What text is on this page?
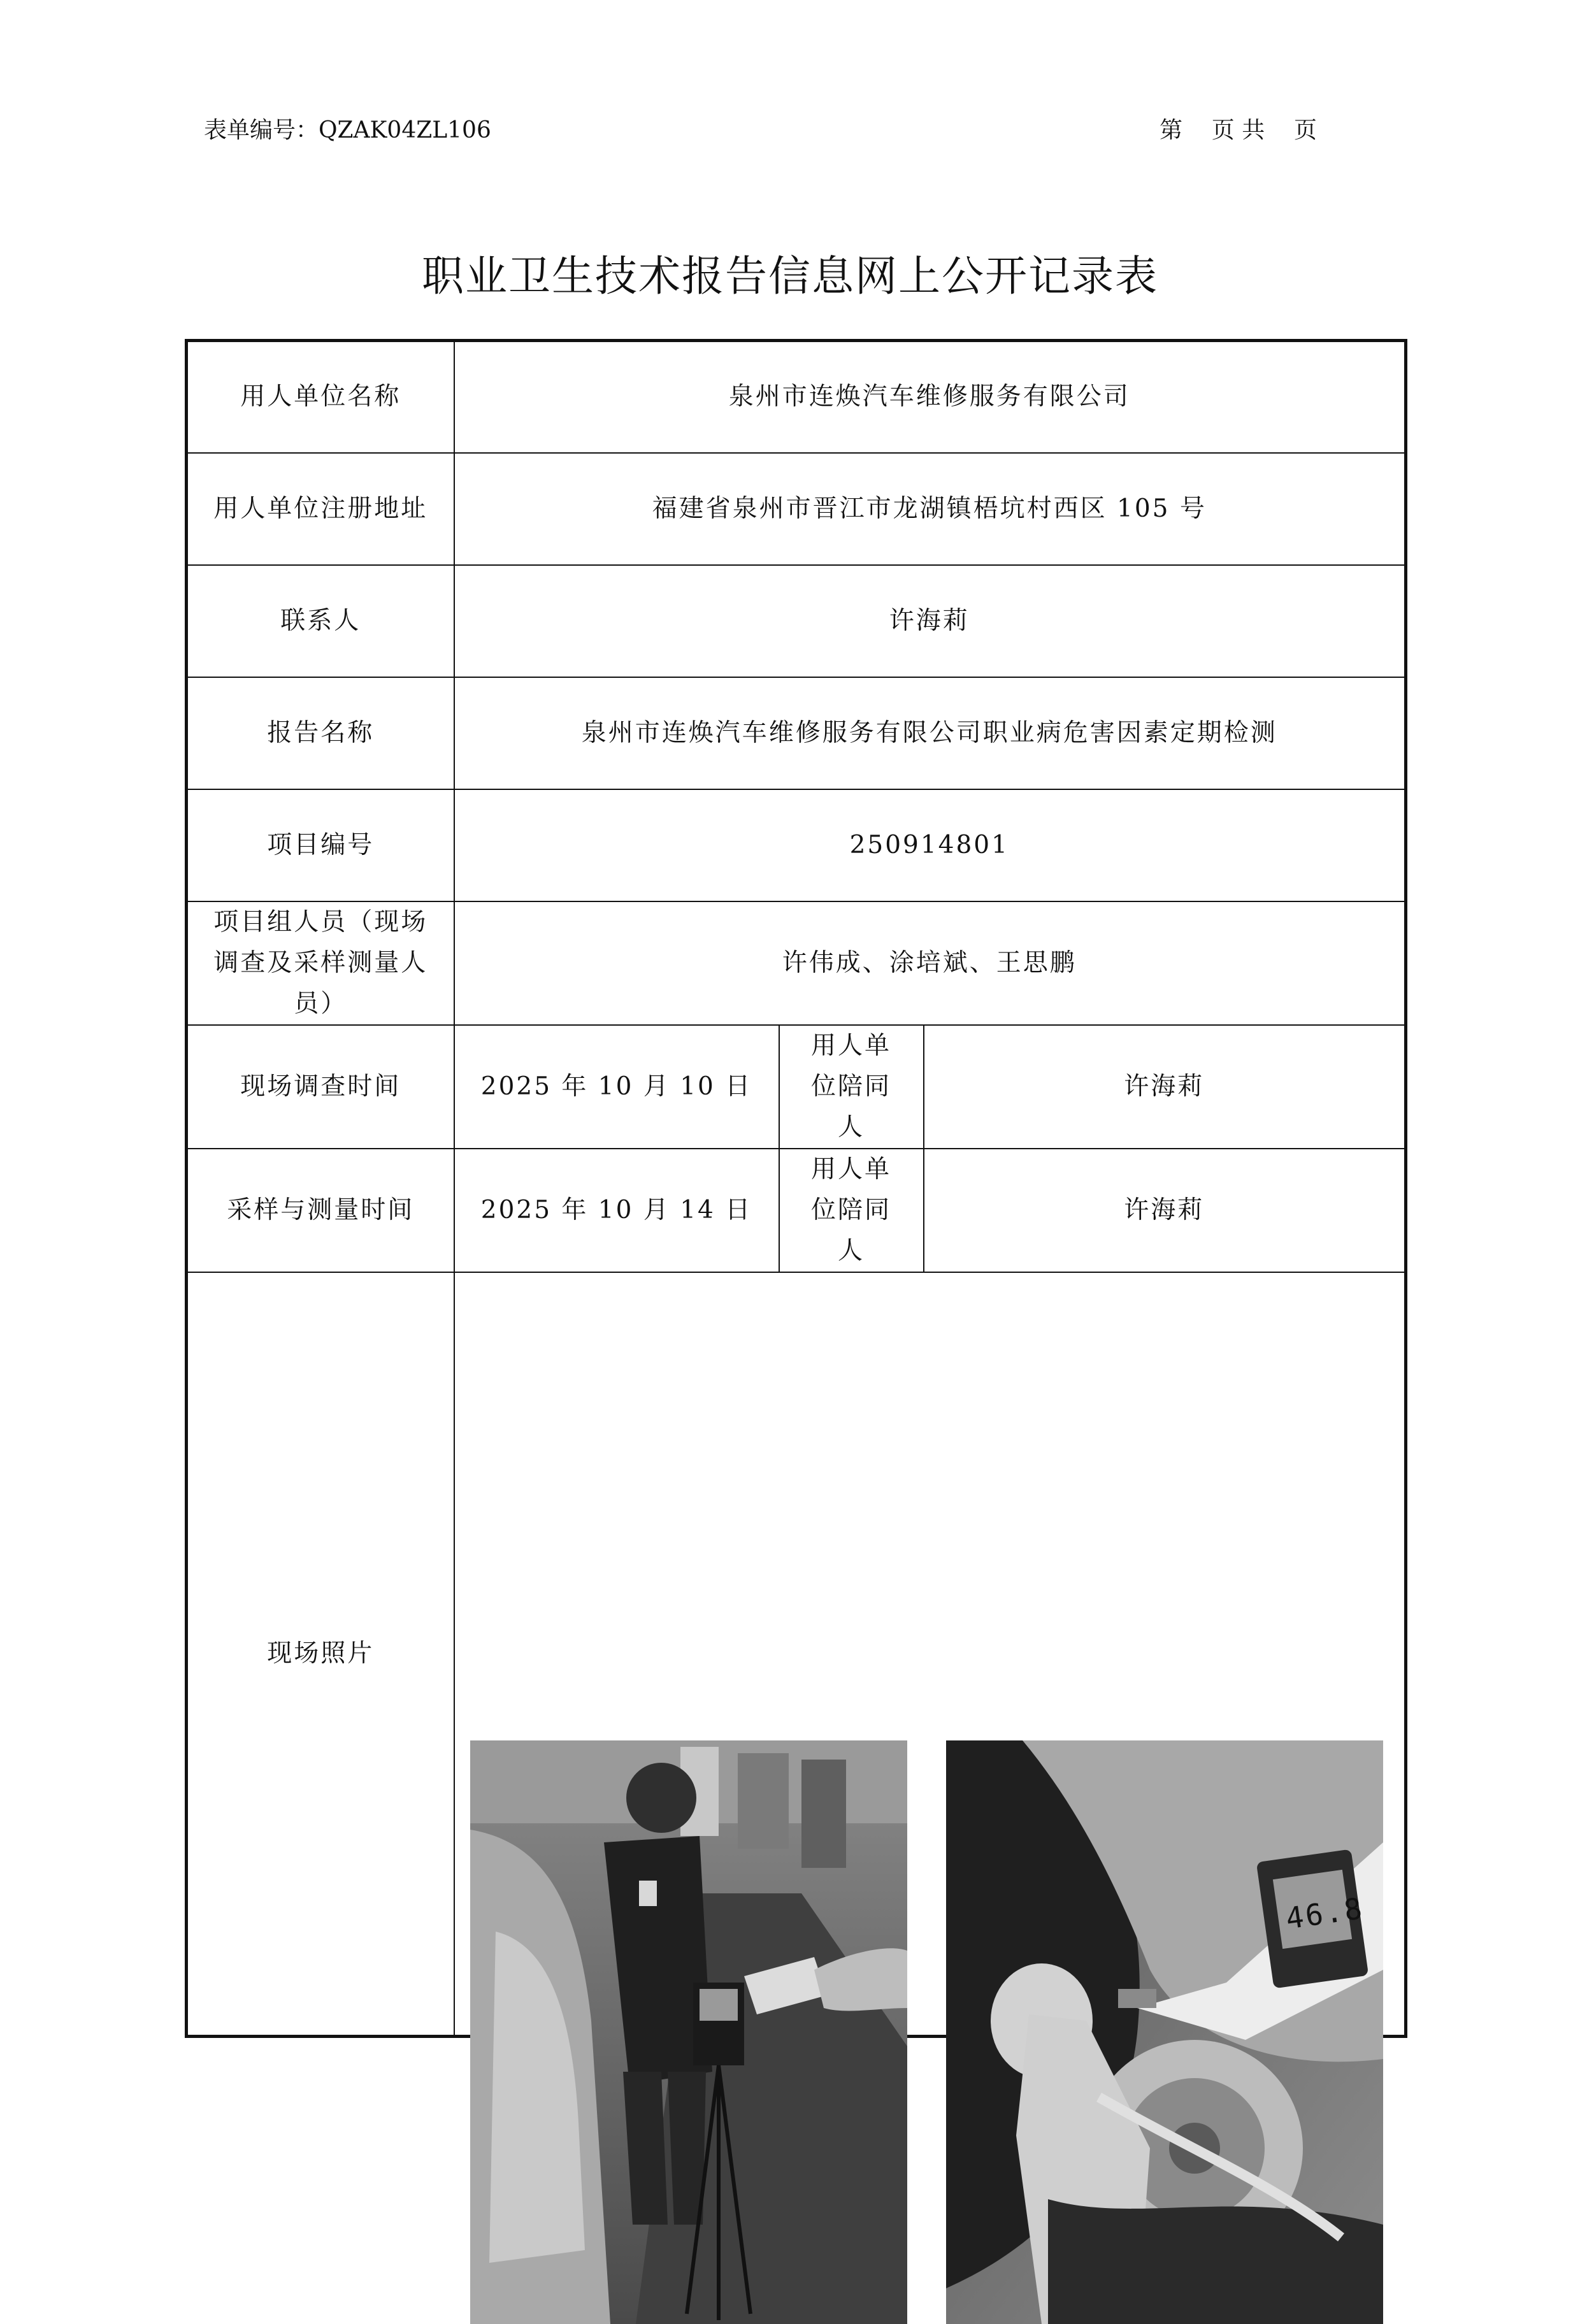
表单编号：QZAK04ZL106	第    页 共    页
职业卫生技术报告信息网上公开记录表
用人单位名称	泉州市连焕汽车维修服务有限公司		
用人单位注册地址	福建省泉州市晋江市龙湖镇梧坑村西区 105 号		
联系人	许海莉		
报告名称	泉州市连焕汽车维修服务有限公司职业病危害因素定期检测		
项目编号	250914801		
项目组人员（现场调查及采样测量人员）	许伟成、涂培斌、王思鹏		
现场调查时间	2025 年 10 月 10 日	用人单位陪同人	许海莉
采样与测量时间	2025 年 10 月 14 日	用人单位陪同人	许海莉
现场照片	46.8		
